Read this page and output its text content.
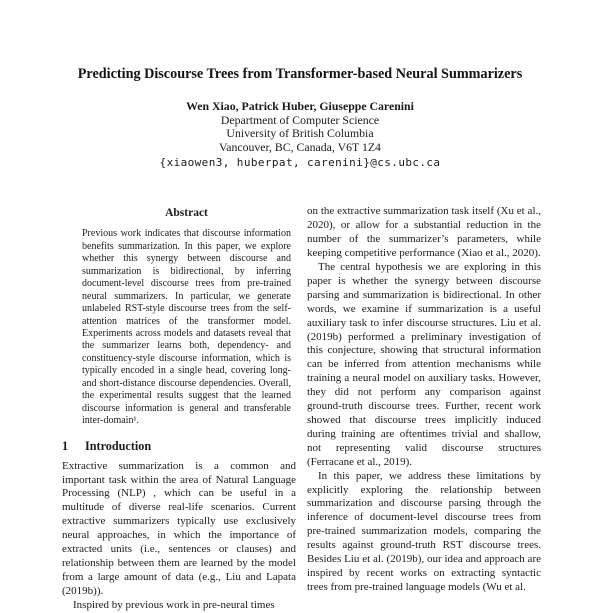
Predicting Discourse Trees from Transformer-based Neural Summarizers
Wen Xiao, Patrick Huber, Giuseppe Carenini
Department of Computer Science
University of British Columbia
Vancouver, BC, Canada, V6T 1Z4
{xiaowen3, huberpat, carenini}@cs.ubc.ca
Abstract

Previous work indicates that discourse information benefits summarization. In this paper, we explore whether this synergy between discourse and summarization is bidirectional, by inferring document-level discourse trees from pre-trained neural summarizers. In particular, we generate unlabeled RST-style discourse trees from the self-attention matrices of the transformer model. Experiments across models and datasets reveal that the summarizer learns both, dependency- and constituency-style discourse information, which is typically encoded in a single head, covering long- and short-distance discourse dependencies. Overall, the experimental results suggest that the learned discourse information is general and transferable inter-domain¹.

1	Introduction

Extractive summarization is a common and important task within the area of Natural Language Processing (NLP) , which can be useful in a multitude of diverse real-life scenarios. Current extractive summarizers typically use exclusively neural approaches, in which the importance of extracted units (i.e., sentences or clauses) and relationship between them are learned by the model from a large amount of data (e.g., Liu and Lapata (2019b)).

Inspired by previous work in pre-neural times

on the extractive summarization task itself (Xu et al., 2020), or allow for a substantial reduction in the number of the summarizer’s parameters, while keeping competitive performance (Xiao et al., 2020).

The central hypothesis we are exploring in this paper is whether the synergy between discourse parsing and summarization is bidirectional. In other words, we examine if summarization is a useful auxiliary task to infer discourse structures. Liu et al. (2019b) performed a preliminary investigation of this conjecture, showing that structural information can be inferred from attention mechanisms while training a neural model on auxiliary tasks. However, they did not perform any comparison against ground-truth discourse trees. Further, recent work showed that discourse trees implicitly induced during training are oftentimes trivial and shallow, not representing valid discourse structures (Ferracane et al., 2019).

In this paper, we address these limitations by explicitly exploring the relationship between summarization and discourse parsing through the inference of document-level discourse trees from pre-trained summarization models, comparing the results against ground-truth RST discourse trees. Besides Liu et al. (2019b), our idea and approach are inspired by recent works on extracting syntactic trees from pre-trained language models (Wu et al.
